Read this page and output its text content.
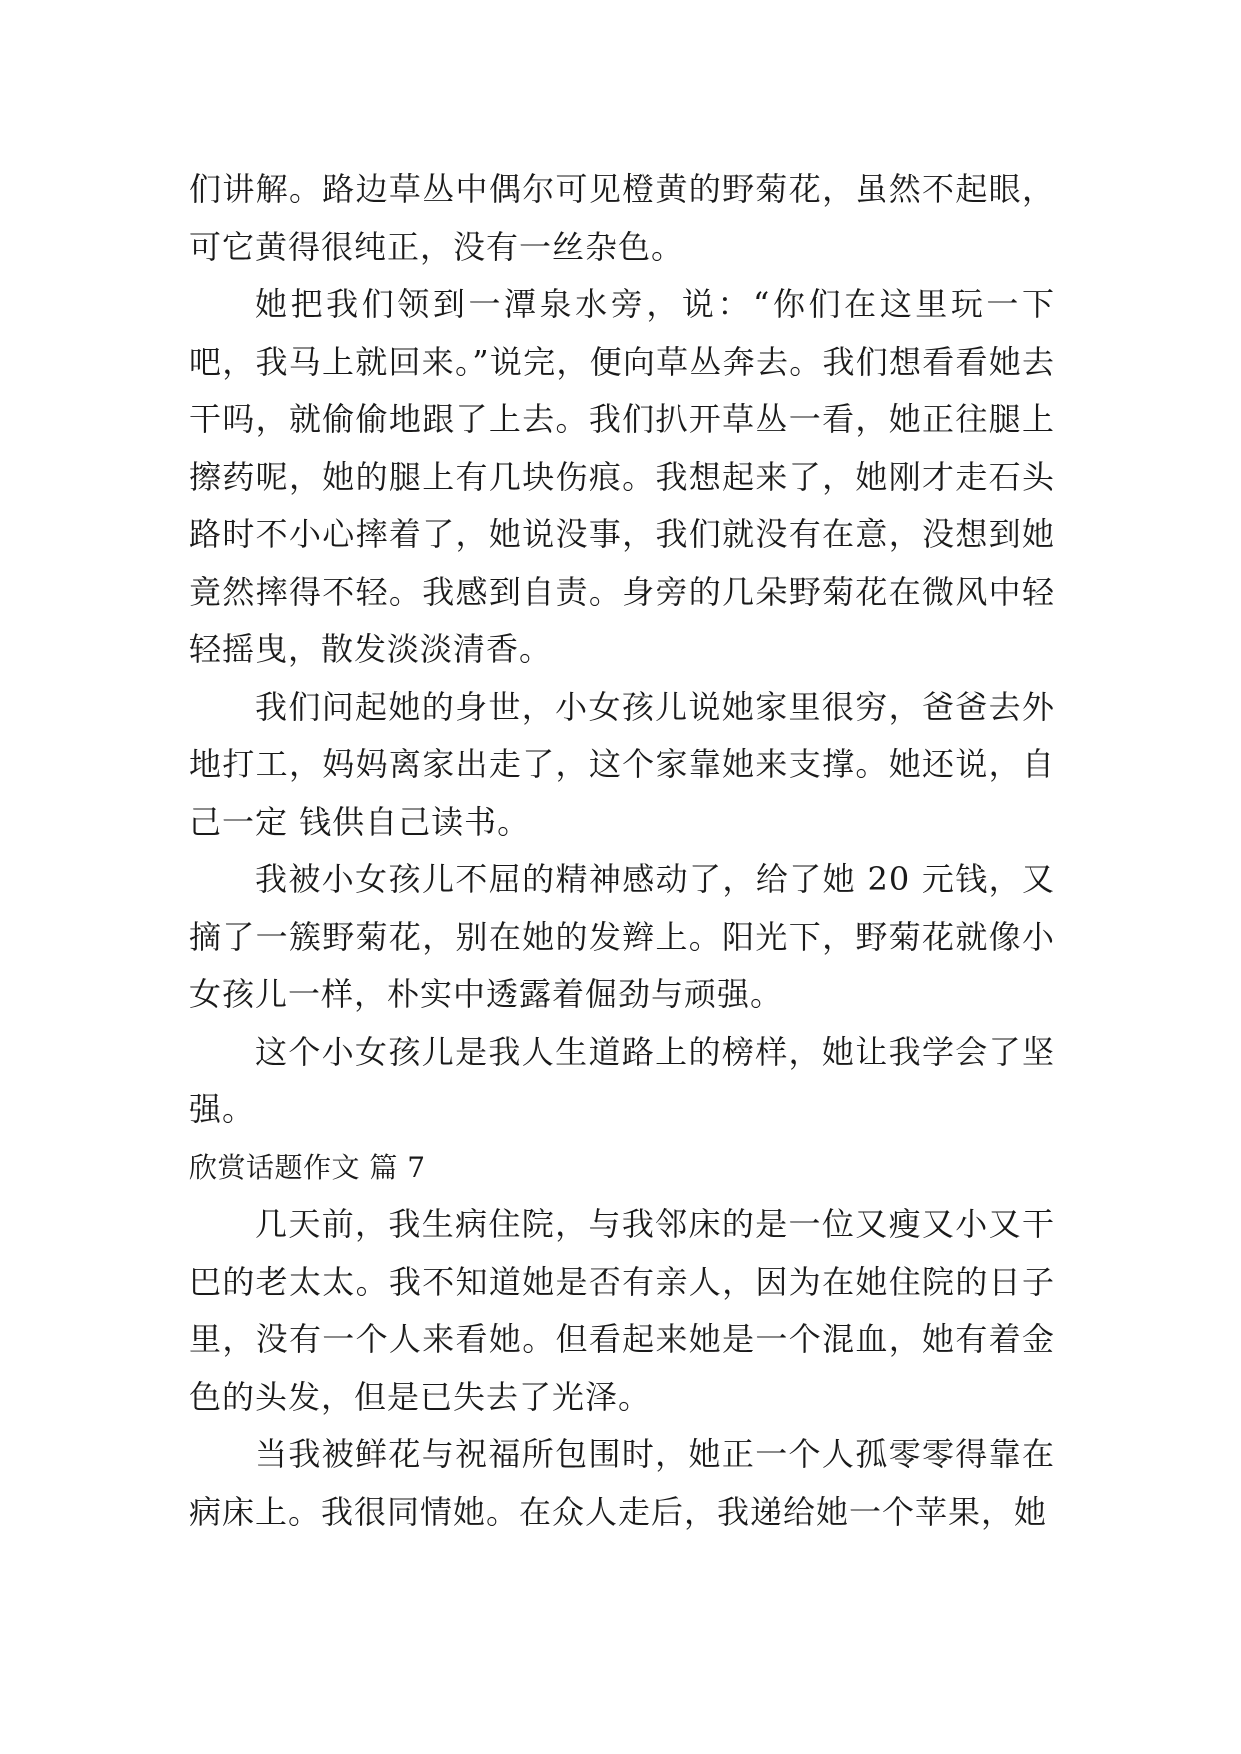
们讲解。路边草丛中偶尔可见橙黄的野菊花，虽然不起眼，可它黄得很纯正，没有一丝杂色。

她把我们领到一潭泉水旁，说：“你们在这里玩一下吧，我马上就回来。”说完，便向草丛奔去。我们想看看她去干吗，就偷偷地跟了上去。我们扒开草丛一看，她正往腿上擦药呢，她的腿上有几块伤痕。我想起来了，她刚才走石头路时不小心摔着了，她说没事，我们就没有在意，没想到她竟然摔得不轻。我感到自责。身旁的几朵野菊花在微风中轻轻摇曳，散发淡淡清香。

我们问起她的身世，小女孩儿说她家里很穷，爸爸去外地打工，妈妈离家出走了，这个家靠她来支撑。她还说，自己一定 钱供自己读书。

我被小女孩儿不屈的精神感动了，给了她 20 元钱，又摘了一簇野菊花，别在她的发辫上。阳光下，野菊花就像小女孩儿一样，朴实中透露着倔劲与顽强。

这个小女孩儿是我人生道路上的榜样，她让我学会了坚强。

欣赏话题作文 篇 7

几天前，我生病住院，与我邻床的是一位又瘦又小又干巴的老太太。我不知道她是否有亲人，因为在她住院的日子里，没有一个人来看她。但看起来她是一个混血，她有着金色的头发，但是已失去了光泽。

当我被鲜花与祝福所包围时，她正一个人孤零零得靠在病床上。我很同情她。在众人走后，我递给她一个苹果，她
